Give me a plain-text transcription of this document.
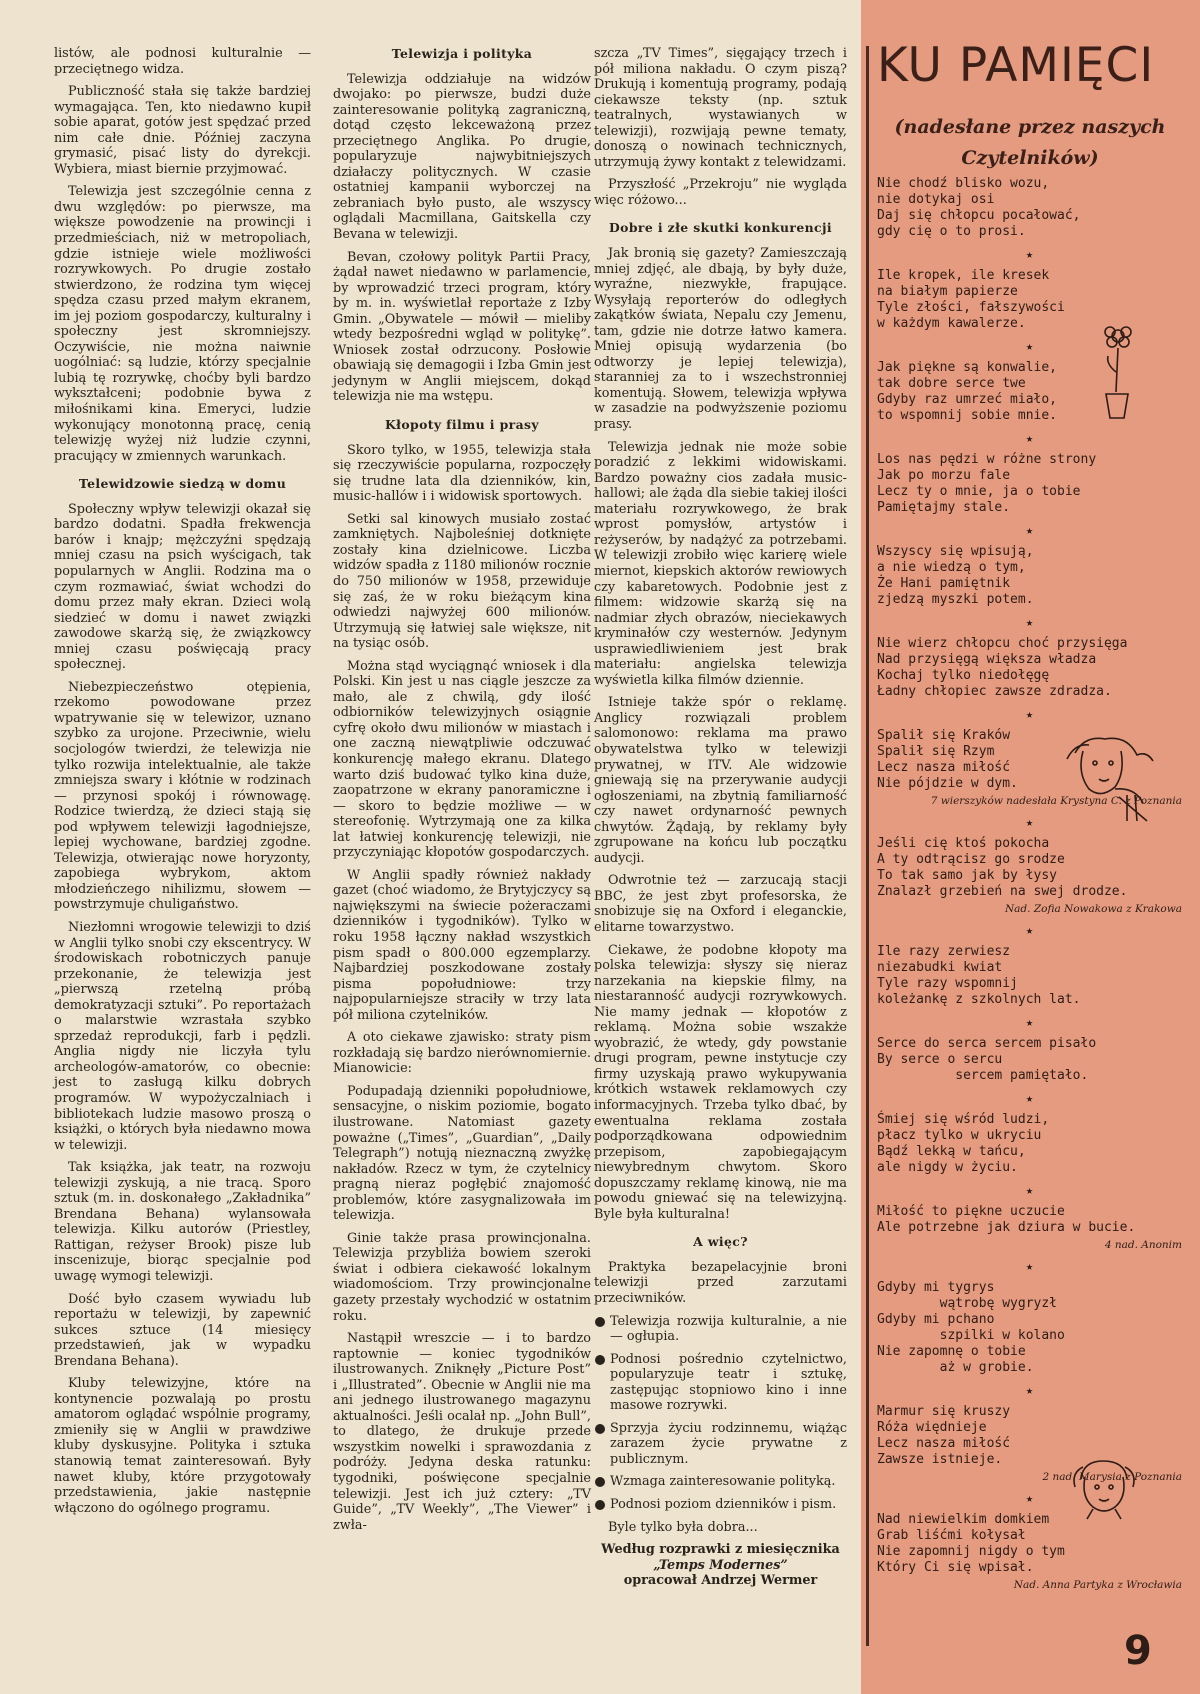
listów, ale podnosi kulturalnie — przeciętnego widza.

Publiczność stała się także bardziej wymagająca. Ten, kto niedawno kupił sobie aparat, gotów jest spędzać przed nim całe dnie. Później zaczyna grymasić, pisać listy do dyrekcji. Wybiera, miast biernie przyjmować.

Telewizja jest szczególnie cenna z dwu względów: po pierwsze, ma większe powodzenie na prowincji i przedmieściach, niż w metropoliach, gdzie istnieje wiele możliwości rozrywkowych. Po drugie zostało stwierdzono, że rodzina tym więcej spędza czasu przed małym ekranem, im jej poziom gospodarczy, kulturalny i społeczny jest skromniejszy. Oczywiście, nie można naiwnie uogólniać: są ludzie, którzy specjalnie lubią tę rozrywkę, choćby byli bardzo wykształceni; podobnie bywa z miłośnikami kina. Emeryci, ludzie wykonujący monotonną pracę, cenią telewizję wyżej niż ludzie czynni, pracujący w zmiennych warunkach.

Telewidzowie siedzą w domu

Społeczny wpływ telewizji okazał się bardzo dodatni. Spadła frekwencja barów i knajp; mężczyźni spędzają mniej czasu na psich wyścigach, tak popularnych w Anglii. Rodzina ma o czym rozmawiać, świat wchodzi do domu przez mały ekran. Dzieci wolą siedzieć w domu i nawet związki zawodowe skarżą się, że związkowcy mniej czasu poświęcają pracy społecznej.

Niebezpieczeństwo otępienia, rzekomo powodowane przez wpatrywanie się w telewizor, uznano szybko za urojone. Przeciwnie, wielu socjologów twierdzi, że telewizja nie tylko rozwija intelektualnie, ale także zmniejsza swary i kłótnie w rodzinach — przynosi spokój i równowagę. Rodzice twierdzą, że dzieci stają się pod wpływem telewizji łagodniejsze, lepiej wychowane, bardziej zgodne. Telewizja, otwierając nowe horyzonty, zapobiega wybrykom, aktom młodzieńczego nihilizmu, słowem — powstrzymuje chuligaństwo.

Niezłomni wrogowie telewizji to dziś w Anglii tylko snobi czy ekscentrycy. W środowiskach robotniczych panuje przekonanie, że telewizja jest „pierwszą rzetelną próbą demokratyzacji sztuki”. Po reportażach o malarstwie wzrastała szybko sprzedaż reprodukcji, farb i pędzli. Anglia nigdy nie liczyła tylu archeologów-amatorów, co obecnie: jest to zasługą kilku dobrych programów. W wypożyczalniach i bibliotekach ludzie masowo proszą o książki, o których była niedawno mowa w telewizji.

Tak książka, jak teatr, na rozwoju telewizji zyskują, a nie tracą. Sporo sztuk (m. in. doskonałego „Zakładnika” Brendana Behana) wylansowała telewizja. Kilku autorów (Priestley, Rattigan, reżyser Brook) pisze lub inscenizuje, biorąc specjalnie pod uwagę wymogi telewizji.

Dość było czasem wywiadu lub reportażu w telewizji, by zapewnić sukces sztuce (14 miesięcy przedstawień, jak w wypadku Brendana Behana).

Kluby telewizyjne, które na kontynencie pozwalają po prostu amatorom oglądać wspólnie programy, zmieniły się w Anglii w prawdziwe kluby dyskusyjne. Polityka i sztuka stanowią temat zainteresowań. Były nawet kluby, które przygotowały przedstawienia, jakie następnie włączono do ogólnego programu.

Telewizja i polityka

Telewizja oddziałuje na widzów dwojako: po pierwsze, budzi duże zainteresowanie polityką zagraniczną, dotąd często lekceważoną przez przeciętnego Anglika. Po drugie, popularyzuje najwybitniejszych działaczy politycznych. W czasie ostatniej kampanii wyborczej na zebraniach było pusto, ale wszyscy oglądali Macmillana, Gaitskella czy Bevana w telewizji.

Bevan, czołowy polityk Partii Pracy, żądał nawet niedawno w parlamencie, by wprowadzić trzeci program, który by m. in. wyświetlał reportaże z Izby Gmin. „Obywatele — mówił — mieliby wtedy bezpośredni wgląd w politykę”. Wniosek został odrzucony. Posłowie obawiają się demagogii i Izba Gmin jest jedynym w Anglii miejscem, dokąd telewizja nie ma wstępu.

Kłopoty filmu i prasy

Skoro tylko, w 1955, telewizja stała się rzeczywiście popularna, rozpoczęły się trudne lata dla dzienników, kin, music-hallów i i widowisk sportowych.

Setki sal kinowych musiało zostać zamkniętych. Najboleśniej dotknięte zostały kina dzielnicowe. Liczba widzów spadła z 1180 milionów rocznie do 750 milionów w 1958, przewiduje się zaś, że w roku bieżącym kina odwiedzi najwyżej 600 milionów. Utrzymują się łatwiej sale większe, nit na tysiąc osób.

Można stąd wyciągnąć wniosek i dla Polski. Kin jest u nas ciągle jeszcze za mało, ale z chwilą, gdy ilość odbiorników telewizyjnych osiągnie cyfrę około dwu milionów w miastach i one zaczną niewątpliwie odczuwać konkurencję małego ekranu. Dlatego warto dziś budować tylko kina duże, zaopatrzone w ekrany panoramiczne i — skoro to będzie możliwe — w stereofonię. Wytrzymają one za kilka lat łatwiej konkurencję telewizji, nie przyczyniając kłopotów gospodarczych.

W Anglii spadły również nakłady gazet (choć wiadomo, że Brytyjczycy są największymi na świecie pożeraczami dzienników i tygodników). Tylko w roku 1958 łączny nakład wszystkich pism spadł o 800.000 egzemplarzy. Najbardziej poszkodowane zostały pisma popołudniowe: trzy najpopularniejsze straciły w trzy lata pół miliona czytelników.

A oto ciekawe zjawisko: straty pism rozkładają się bardzo nierównomiernie. Mianowicie:

Podupadają dzienniki popołudniowe, sensacyjne, o niskim poziomie, bogato ilustrowane. Natomiast gazety poważne („Times”, „Guardian”, „Daily Telegraph”) notują nieznaczną zwyżkę nakładów. Rzecz w tym, że czytelnicy pragną nieraz pogłębić znajomość problemów, które zasygnalizowała im telewizja.

Ginie także prasa prowincjonalna. Telewizja przybliża bowiem szeroki świat i odbiera ciekawość lokalnym wiadomościom. Trzy prowincjonalne gazety przestały wychodzić w ostatnim roku.

Nastąpił wreszcie — i to bardzo raptownie — koniec tygodników ilustrowanych. Zniknęły „Picture Post” i „Illustrated”. Obecnie w Anglii nie ma ani jednego ilustrowanego magazynu aktualności. Jeśli ocalał np. „John Bull”, to dlatego, że drukuje przede wszystkim nowelki i sprawozdania z podróży. Jedyna deska ratunku: tygodniki, poświęcone specjalnie telewizji. Jest ich już cztery: „TV Guide”, „TV Weekly”, „The Viewer” i zwła-

szcza „TV Times”, sięgający trzech i pół miliona nakładu. O czym piszą? Drukują i komentują programy, podają ciekawsze teksty (np. sztuk teatralnych, wystawianych w telewizji), rozwijają pewne tematy, donoszą o nowinach technicznych, utrzymują żywy kontakt z telewidzami.

Przyszłość „Przekroju” nie wygląda więc różowo...

Dobre i złe skutki konkurencji

Jak bronią się gazety? Zamieszczają mniej zdjęć, ale dbają, by były duże, wyraźne, niezwykłe, frapujące. Wysyłają reporterów do odległych zakątków świata, Nepalu czy Jemenu, tam, gdzie nie dotrze łatwo kamera. Mniej opisują wydarzenia (bo odtworzy je lepiej telewizja), staranniej za to i wszechstronniej komentują. Słowem, telewizja wpływa w zasadzie na podwyższenie poziomu prasy.

Telewizja jednak nie może sobie poradzić z lekkimi widowiskami. Bardzo poważny cios zadała music-hallowi; ale żąda dla siebie takiej ilości materiału rozrywkowego, że brak wprost pomysłów, artystów i reżyserów, by nadążyć za potrzebami. W telewizji zrobiło więc karierę wiele miernot, kiepskich aktorów rewiowych czy kabaretowych. Podobnie jest z filmem: widzowie skarżą się na nadmiar złych obrazów, nieciekawych kryminałów czy westernów. Jedynym usprawiedliwieniem jest brak materiału: angielska telewizja wyświetla kilka filmów dziennie.

Istnieje także spór o reklamę. Anglicy rozwiązali problem salomonowo: reklama ma prawo obywatelstwa tylko w telewizji prywatnej, w ITV. Ale widzowie gniewają się na przerywanie audycji ogłoszeniami, na zbytnią familiarność czy nawet ordynarność pewnych chwytów. Żądają, by reklamy były zgrupowane na końcu lub początku audycji.

Odwrotnie też — zarzucają stacji BBC, że jest zbyt profesorska, że snobizuje się na Oxford i eleganckie, elitarne towarzystwo.

Ciekawe, że podobne kłopoty ma polska telewizja: słyszy się nieraz narzekania na kiepskie filmy, na niestaranność audycji rozrywkowych. Nie mamy jednak — kłopotów z reklamą. Można sobie wszakże wyobrazić, że wtedy, gdy powstanie drugi program, pewne instytucje czy firmy uzyskają prawo wykupywania krótkich wstawek reklamowych czy informacyjnych. Trzeba tylko dbać, by ewentualna reklama została podporządkowana odpowiednim przepisom, zapobiegającym niewybrednym chwytom. Skoro dopuszczamy reklamę kinową, nie ma powodu gniewać się na telewizyjną. Byle była kulturalna!

A więc?

Praktyka bezapelacyjnie broni telewizji przed zarzutami przeciwników.

Telewizja rozwija kulturalnie, a nie — ogłupia.

Podnosi pośrednio czytelnictwo, popularyzuje teatr i sztukę, zastępując stopniowo kino i inne masowe rozrywki.

Sprzyja życiu rodzinnemu, wiążąc zarazem życie prywatne z publicznym.

Wzmaga zainteresowanie polityką.

Podnosi poziom dzienników i pism.

Byle tylko była dobra...

Według rozprawki z miesięcznika
„Temps Modernes”
opracował Andrzej Wermer

KU PAMIĘCI
(nadesłane przez naszych Czytelników)
Nie chodź blisko wozu,
nie dotykaj osi
Daj się chłopcu pocałować,
gdy cię o to prosi.
★
Ile kropek, ile kresek
na białym papierze
Tyle złości, fałszywości
w każdym kawalerze.
★
Jak piękne są konwalie,
tak dobre serce twe
Gdyby raz umrzeć miało,
to wspomnij sobie mnie.
★
Los nas pędzi w różne strony
Jak po morzu fale
Lecz ty o mnie, ja o tobie
Pamiętajmy stale.
★
Wszyscy się wpisują,
a nie wiedzą o tym,
Że Hani pamiętnik
zjedzą myszki potem.
★
Nie wierz chłopcu choć przysięga
Nad przysięgą większa władza
Kochaj tylko niedołęgę
Ładny chłopiec zawsze zdradza.
★
Spalił się Kraków
Spalił się Rzym
Lecz nasza miłość
Nie pójdzie w dym.
7 wierszyków nadesłała Krystyna C. z Poznania
★
Jeśli cię ktoś pokocha
A ty odtrącisz go srodze
To tak samo jak by łysy
Znalazł grzebień na swej drodze.
Nad. Zofia Nowakowa z Krakowa
★
Ile razy zerwiesz
niezabudki kwiat
Tyle razy wspomnij
koleżankę z szkolnych lat.
★
Serce do serca sercem pisało
By serce o sercu
sercem pamiętało.
★
Śmiej się wśród ludzi,
płacz tylko w ukryciu
Bądź lekką w tańcu,
ale nigdy w życiu.
★
Miłość to piękne uczucie
Ale potrzebne jak dziura w bucie.
4 nad. Anonim
★
Gdyby mi tygrys
wątrobę wygryzł
Gdyby mi pchano
szpilki w kolano
Nie zapomnę o tobie
aż w grobie.
★
Marmur się kruszy
Róża więdnieje
Lecz nasza miłość
Zawsze istnieje.
2 nad. Marysia z Poznania
★
Nad niewielkim domkiem
Grab liśćmi kołysał
Nie zapomnij nigdy o tym
Który Ci się wpisał.
Nad. Anna Partyka z Wrocławia
9
